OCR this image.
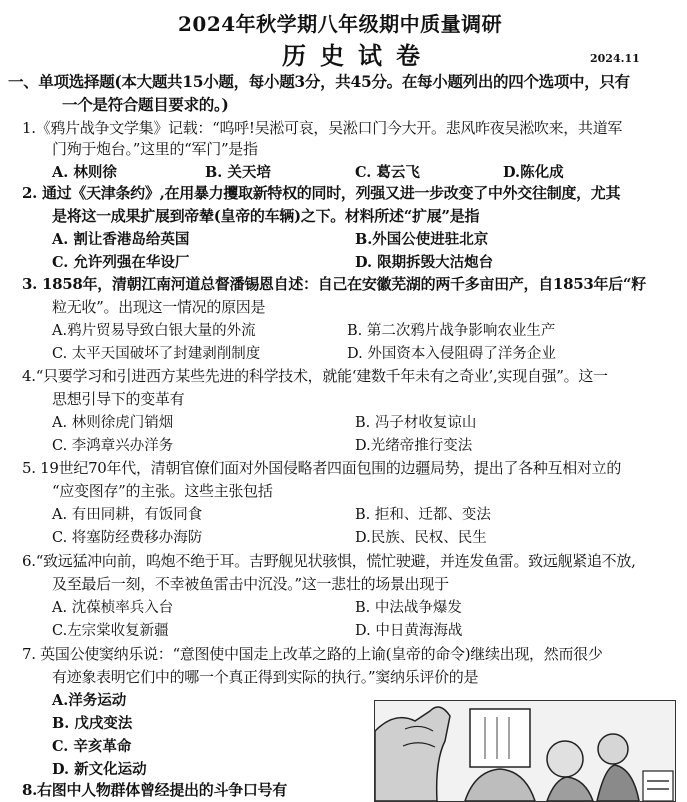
2024年秋学期八年级期中质量调研
历史试卷	2024.11
一、单项选择题(本大题共15小题，每小题3分，共45分。在每小题列出的四个选项中，只有
一个是符合题目要求的。)
1.《鸦片战争文学集》记载：“呜呼!吴淞可哀，吴淞口门今大开。悲风昨夜吴淞吹来，共道军
门殉于炮台。”这里的“军门”是指
A. 林则徐	B. 关天培	C. 葛云飞	D.陈化成
2. 通过《天津条约》,在用暴力攫取新特权的同时，列强又进一步改变了中外交往制度，尤其
是将这一成果扩展到帝辇(皇帝的车辆)之下。材料所述“扩展”是指
A. 割让香港岛给英国	B.外国公使进驻北京
C. 允许列强在华设厂	D. 限期拆毁大沽炮台
3. 1858年，清朝江南河道总督潘锡恩自述：自己在安徽芜湖的两千多亩田产，自1853年后“籽
粒无收”。出现这一情况的原因是
A.鸦片贸易导致白银大量的外流	B. 第二次鸦片战争影响农业生产
C. 太平天国破坏了封建剥削制度	D. 外国资本入侵阻碍了洋务企业
4.“只要学习和引进西方某些先进的科学技术，就能‘建数千年未有之奇业’,实现自强”。这一
思想引导下的变革有
A. 林则徐虎门销烟	B. 冯子材收复谅山
C. 李鸿章兴办洋务	D.光绪帝推行变法
5. 19世纪70年代，清朝官僚们面对外国侵略者四面包围的边疆局势，提出了各种互相对立的
“应变图存”的主张。这些主张包括
A. 有田同耕，有饭同食	B. 拒和、迁都、变法
C. 将塞防经费移办海防	D.民族、民权、民生
6.“致远猛冲向前，呜炮不绝于耳。吉野舰见状骇惧，慌忙驶避，并连发鱼雷。致远舰紧追不放,
及至最后一刻，不幸被鱼雷击中沉没。”这一悲壮的场景出现于
A. 沈葆桢率兵入台	B. 中法战争爆发
C.左宗棠收复新疆	D. 中日黄海海战
7. 英国公使窦纳乐说：“意图使中国走上改革之路的上谕(皇帝的命令)继续出现，然而很少
有迹象表明它们中的哪一个真正得到实际的执行。”窦纳乐评价的是
A.洋务运动
B. 戊戌变法
C. 辛亥革命
D. 新文化运动
8.右图中人物群体曾经提出的斗争口号有
